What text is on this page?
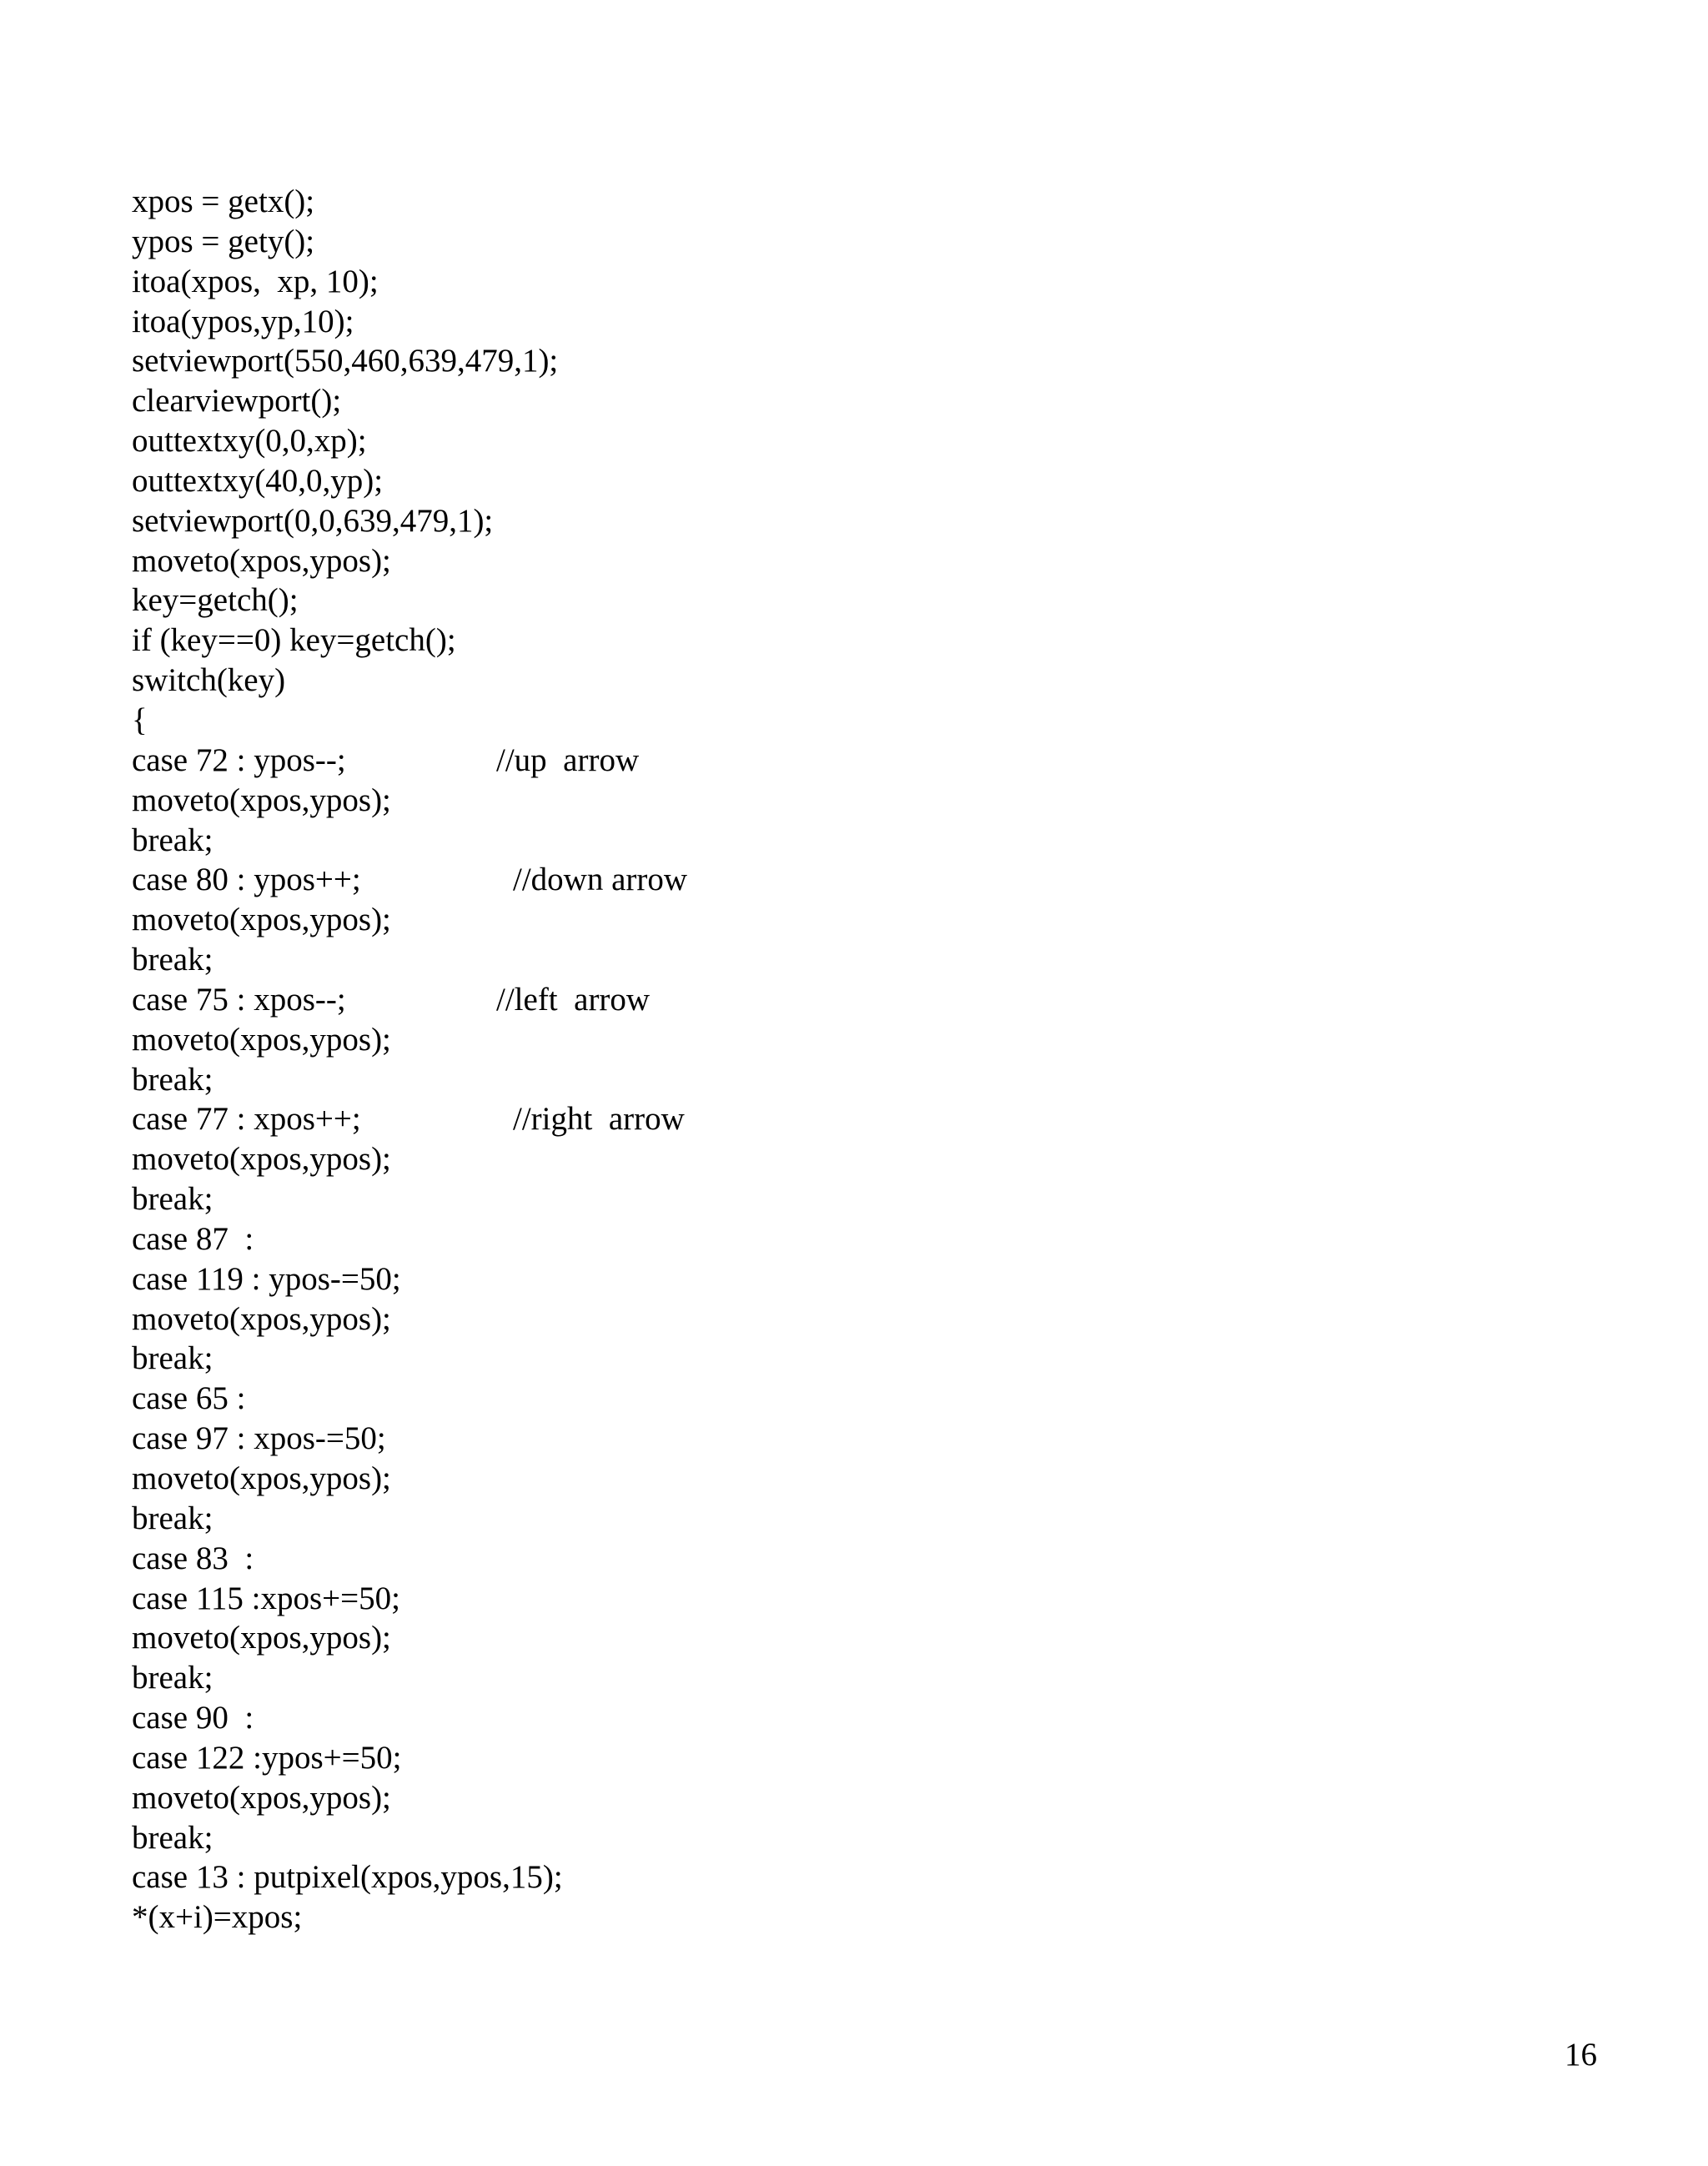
xpos = getx();
ypos = gety();
itoa(xpos,  xp, 10);
itoa(ypos,yp,10);
setviewport(550,460,639,479,1);
clearviewport();
outtextxy(0,0,xp);
outtextxy(40,0,yp);
setviewport(0,0,639,479,1);
moveto(xpos,ypos);
key=getch();
if (key==0) key=getch();
switch(key)
{
case 72 : ypos--;	//up  arrow
moveto(xpos,ypos);
break;
case 80 : ypos++;	//down arrow
moveto(xpos,ypos);
break;
case 75 : xpos--;	//left  arrow
moveto(xpos,ypos);
break;
case 77 : xpos++;	//right  arrow
moveto(xpos,ypos);
break;
case 87  :
case 119 : ypos-=50;
moveto(xpos,ypos);
break;
case 65 :
case 97 : xpos-=50;
moveto(xpos,ypos);
break;
case 83  :
case 115 :xpos+=50;
moveto(xpos,ypos);
break;
case 90  :
case 122 :ypos+=50;
moveto(xpos,ypos);
break;
case 13 : putpixel(xpos,ypos,15);
*(x+i)=xpos;
16
